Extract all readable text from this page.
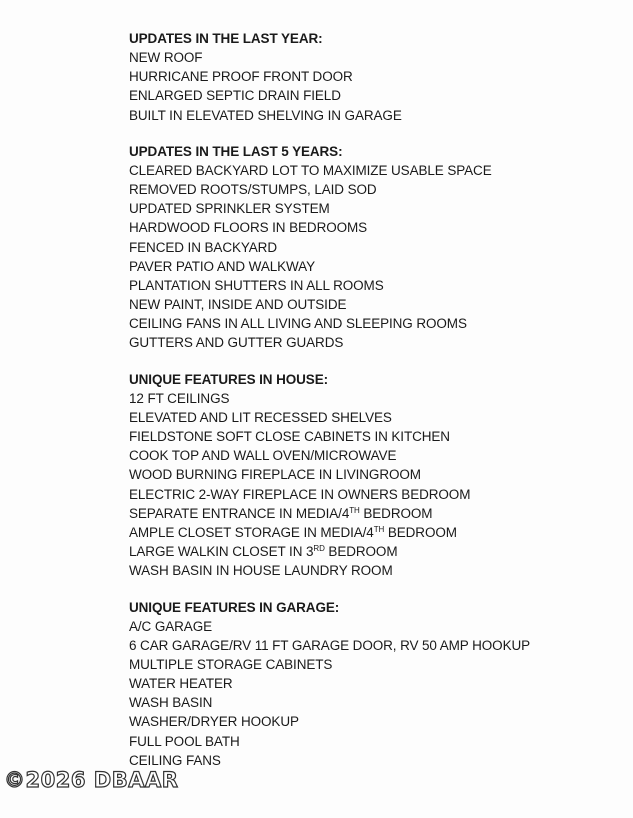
UPDATES IN THE LAST YEAR:
NEW ROOF
HURRICANE PROOF FRONT DOOR
ENLARGED SEPTIC DRAIN FIELD
BUILT IN ELEVATED SHELVING IN GARAGE
UPDATES IN THE LAST 5 YEARS:
CLEARED BACKYARD LOT TO MAXIMIZE USABLE SPACE
REMOVED ROOTS/STUMPS, LAID SOD
UPDATED SPRINKLER SYSTEM
HARDWOOD FLOORS IN BEDROOMS
FENCED IN BACKYARD
PAVER PATIO AND WALKWAY
PLANTATION SHUTTERS IN ALL ROOMS
NEW PAINT, INSIDE AND OUTSIDE
CEILING FANS IN ALL LIVING AND SLEEPING ROOMS
GUTTERS AND GUTTER GUARDS
UNIQUE FEATURES IN HOUSE:
12 FT CEILINGS
ELEVATED AND LIT RECESSED SHELVES
FIELDSTONE SOFT CLOSE CABINETS IN KITCHEN
COOK TOP AND WALL OVEN/MICROWAVE
WOOD BURNING FIREPLACE IN LIVINGROOM
ELECTRIC 2-WAY FIREPLACE IN OWNERS BEDROOM
SEPARATE ENTRANCE IN MEDIA/4TH BEDROOM
AMPLE CLOSET STORAGE IN MEDIA/4TH BEDROOM
LARGE WALKIN CLOSET IN 3RD BEDROOM
WASH BASIN IN HOUSE LAUNDRY ROOM
UNIQUE FEATURES IN GARAGE:
A/C GARAGE
6 CAR GARAGE/RV 11 FT GARAGE DOOR, RV 50 AMP HOOKUP
MULTIPLE STORAGE CABINETS
WATER HEATER
WASH BASIN
WASHER/DRYER HOOKUP
FULL POOL BATH
CEILING FANS
©2026 DBAAR
